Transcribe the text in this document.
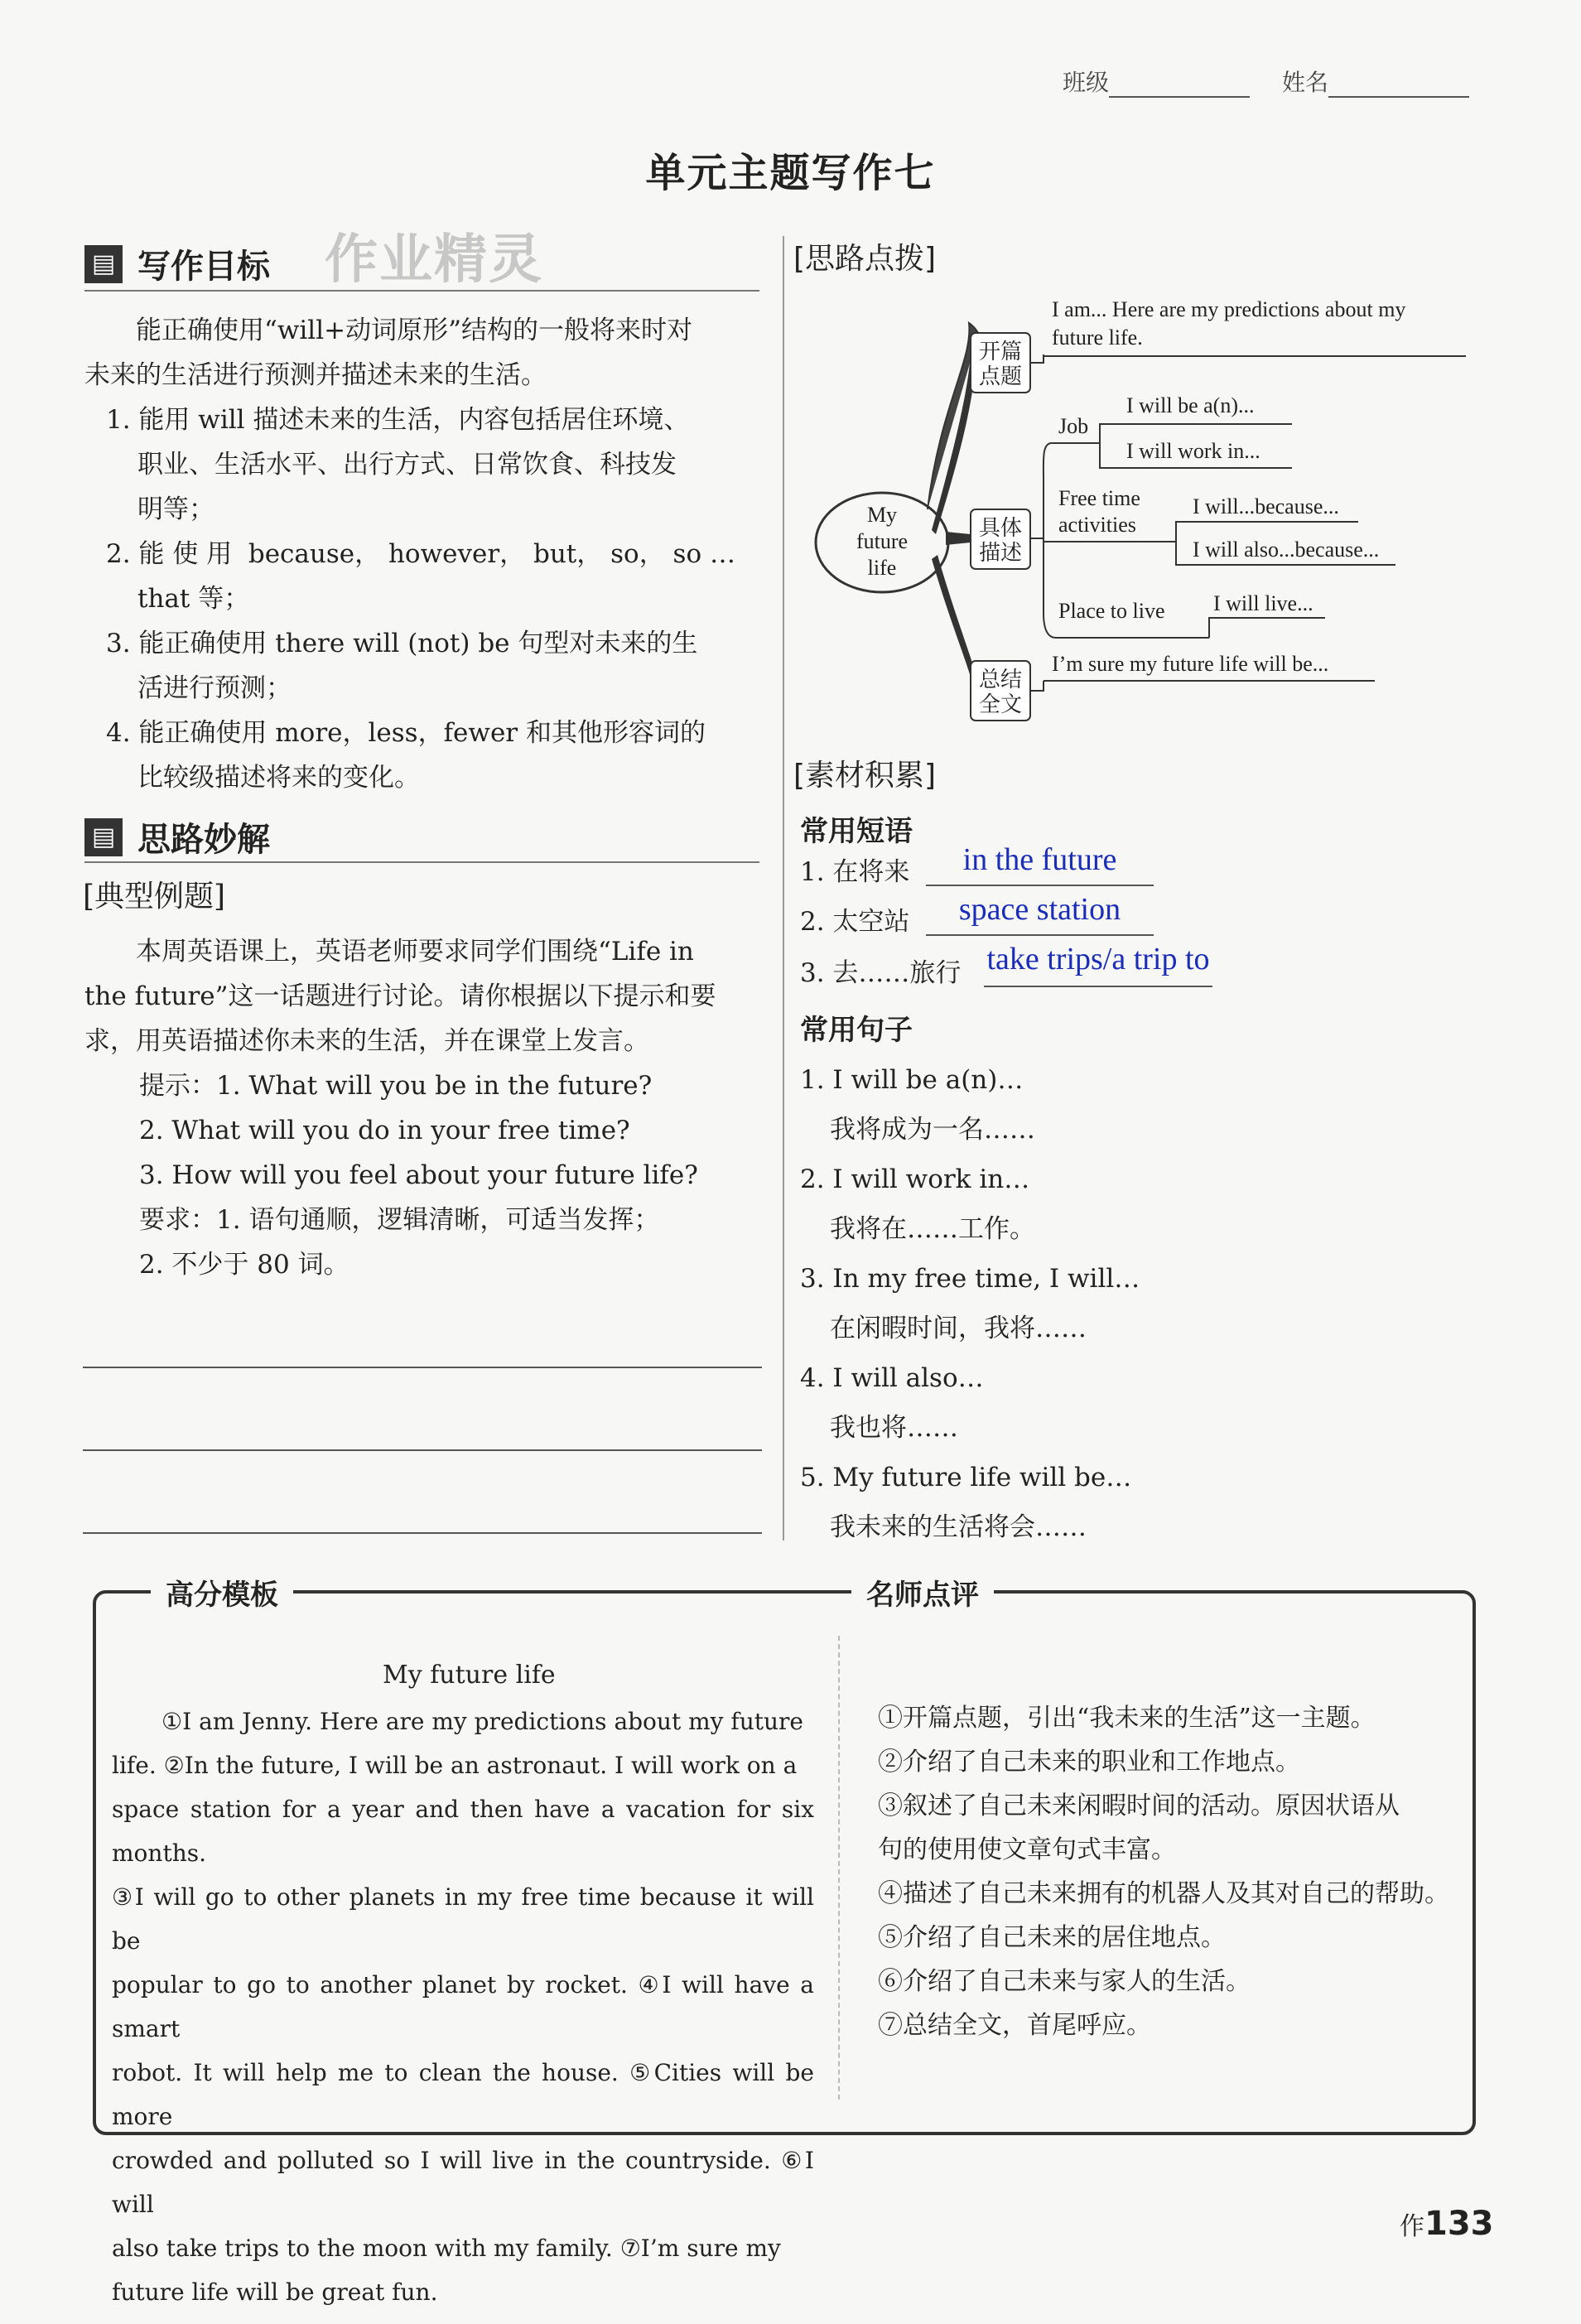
班级	姓名
单元主题写作七
作业精灵
▤ 写作目标
能正确使用“will+动词原形”结构的一般将来时对
未来的生活进行预测并描述未来的生活。
1. 能用 will 描述未来的生活，内容包括居住环境、
职业、生活水平、出行方式、日常饮食、科技发
明等；
2. 能 使 用  because， however， but， so， so …
that 等；
3. 能正确使用 there will (not) be 句型对未来的生
活进行预测；
4. 能正确使用 more，less，fewer 和其他形容词的
比较级描述将来的变化。
▤ 思路妙解
[典型例题]
本周英语课上，英语老师要求同学们围绕“Life in
the future”这一话题进行讨论。请你根据以下提示和要
求，用英语描述你未来的生活，并在课堂上发言。
提示：1. What will you be in the future?
2. What will you do in your free time?
3. How will you feel about your future life?
要求：1. 语句通顺，逻辑清晰，可适当发挥；
2. 不少于 80 词。
[思路点拨]
My
future
life
开篇
点题
具体
描述
总结
全文
I am... Here are my predictions about my
future life.
Job
I will be a(n)...
I will work in...
Free time
activities
I will...because...
I will also...because...
Place to live I will live...
I’m sure my future life will be...
[素材积累]
常用短语
1. 在将来	in the future
2. 太空站	space station
3. 去……旅行 take trips/a trip to
常用句子
1. I will be a(n)…
我将成为一名……
2. I will work in…
我将在……工作。
3. In my free time, I will…
在闲暇时间，我将……
4. I will also…
我也将……
5. My future life will be…
我未来的生活将会……
高分模板	名师点评
My future life
①I am Jenny. Here are my predictions about my future
life. ②In the future, I will be an astronaut. I will work on a
space station for a year and then have a vacation for six months.
③I will go to other planets in my free time because it will be
popular to go to another planet by rocket. ④I will have a smart
robot. It will help me to clean the house. ⑤Cities will be more
crowded and polluted so I will live in the countryside. ⑥I will
also take trips to the moon with my family. ⑦I’m sure my
future life will be great fun.
①开篇点题，引出“我未来的生活”这一主题。
②介绍了自己未来的职业和工作地点。
③叙述了自己未来闲暇时间的活动。原因状语从
句的使用使文章句式丰富。
④描述了自己未来拥有的机器人及其对自己的帮助。
⑤介绍了自己未来的居住地点。
⑥介绍了自己未来与家人的生活。
⑦总结全文，首尾呼应。
作133
